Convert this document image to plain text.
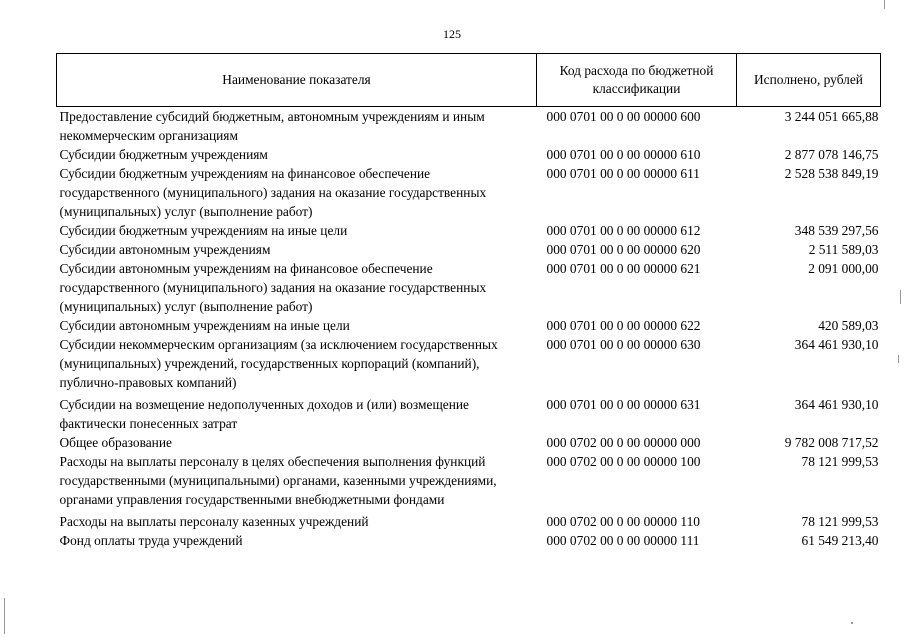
125
Наименование показателя	Код расхода по бюджетной классификации	Исполнено, рублей
Предоставление субсидий бюджетным, автономным учреждениям и иным некоммерческим организациям	000 0701 00 0 00 00000 600	3 244 051 665,88
Субсидии бюджетным учреждениям	000 0701 00 0 00 00000 610	2 877 078 146,75
Субсидии бюджетным учреждениям на финансовое обеспечение государственного (муниципального) задания на оказание государственных (муниципальных) услуг (выполнение работ)	000 0701 00 0 00 00000 611	2 528 538 849,19
Субсидии бюджетным учреждениям на иные цели	000 0701 00 0 00 00000 612	348 539 297,56
Субсидии автономным учреждениям	000 0701 00 0 00 00000 620	2 511 589,03
Субсидии автономным учреждениям на финансовое обеспечение государственного (муниципального) задания на оказание государственных (муниципальных) услуг (выполнение работ)	000 0701 00 0 00 00000 621	2 091 000,00
Субсидии автономным учреждениям на иные цели	000 0701 00 0 00 00000 622	420 589,03
Субсидии некоммерческим организациям (за исключением государственных (муниципальных) учреждений, государственных корпораций (компаний), публично-правовых компаний)	000 0701 00 0 00 00000 630	364 461 930,10
Субсидии на возмещение недополученных доходов и (или) возмещение фактически понесенных затрат	000 0701 00 0 00 00000 631	364 461 930,10
Общее образование	000 0702 00 0 00 00000 000	9 782 008 717,52
Расходы на выплаты персоналу в целях обеспечения выполнения функций государственными (муниципальными) органами, казенными учреждениями, органами управления государственными внебюджетными фондами	000 0702 00 0 00 00000 100	78 121 999,53
Расходы на выплаты персоналу казенных учреждений	000 0702 00 0 00 00000 110	78 121 999,53
Фонд оплаты труда учреждений	000 0702 00 0 00 00000 111	61 549 213,40
